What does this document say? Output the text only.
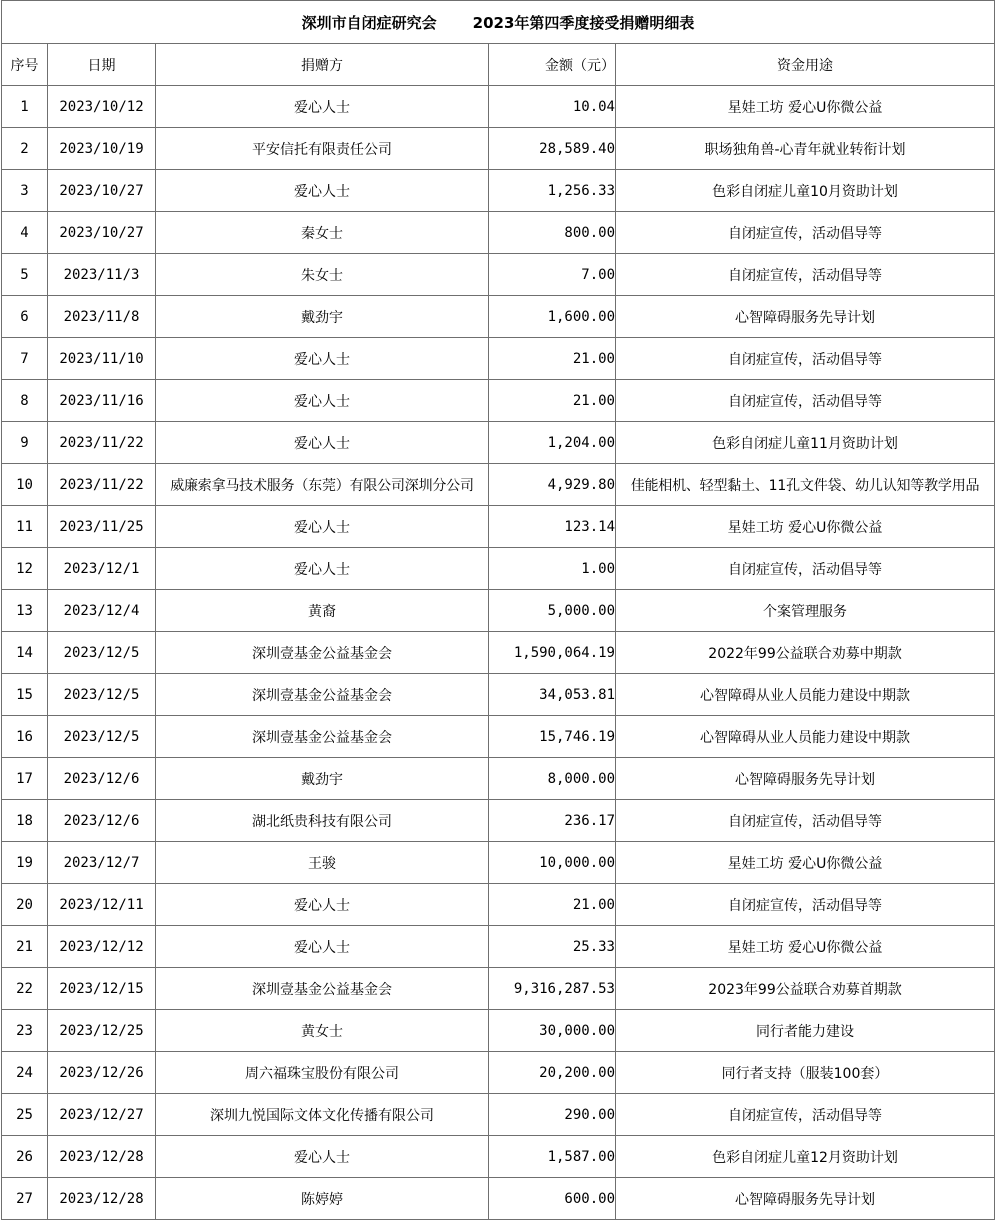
深圳市自闭症研究会 2023年第四季度接受捐赠明细表				
序号	日期	捐赠方	金额（元）	资金用途
1	2023/10/12	爱心人士	10.04	星娃工坊 爱心U你微公益
2	2023/10/19	平安信托有限责任公司	28,589.40	职场独角兽-心青年就业转衔计划
3	2023/10/27	爱心人士	1,256.33	色彩自闭症儿童10月资助计划
4	2023/10/27	秦女士	800.00	自闭症宣传，活动倡导等
5	2023/11/3	朱女士	7.00	自闭症宣传，活动倡导等
6	2023/11/8	戴劲宇	1,600.00	心智障碍服务先导计划
7	2023/11/10	爱心人士	21.00	自闭症宣传，活动倡导等
8	2023/11/16	爱心人士	21.00	自闭症宣传，活动倡导等
9	2023/11/22	爱心人士	1,204.00	色彩自闭症儿童11月资助计划
10	2023/11/22	威廉索拿马技术服务（东莞）有限公司深圳分公司	4,929.80	佳能相机、轻型黏土、11孔文件袋、幼儿认知等教学用品
11	2023/11/25	爱心人士	123.14	星娃工坊 爱心U你微公益
12	2023/12/1	爱心人士	1.00	自闭症宣传，活动倡导等
13	2023/12/4	黄裔	5,000.00	个案管理服务
14	2023/12/5	深圳壹基金公益基金会	1,590,064.19	2022年99公益联合劝募中期款
15	2023/12/5	深圳壹基金公益基金会	34,053.81	心智障碍从业人员能力建设中期款
16	2023/12/5	深圳壹基金公益基金会	15,746.19	心智障碍从业人员能力建设中期款
17	2023/12/6	戴劲宇	8,000.00	心智障碍服务先导计划
18	2023/12/6	湖北纸贵科技有限公司	236.17	自闭症宣传，活动倡导等
19	2023/12/7	王骏	10,000.00	星娃工坊 爱心U你微公益
20	2023/12/11	爱心人士	21.00	自闭症宣传，活动倡导等
21	2023/12/12	爱心人士	25.33	星娃工坊 爱心U你微公益
22	2023/12/15	深圳壹基金公益基金会	9,316,287.53	2023年99公益联合劝募首期款
23	2023/12/25	黄女士	30,000.00	同行者能力建设
24	2023/12/26	周六福珠宝股份有限公司	20,200.00	同行者支持（服装100套）
25	2023/12/27	深圳九悦国际文体文化传播有限公司	290.00	自闭症宣传，活动倡导等
26	2023/12/28	爱心人士	1,587.00	色彩自闭症儿童12月资助计划
27	2023/12/28	陈婷婷	600.00	心智障碍服务先导计划
